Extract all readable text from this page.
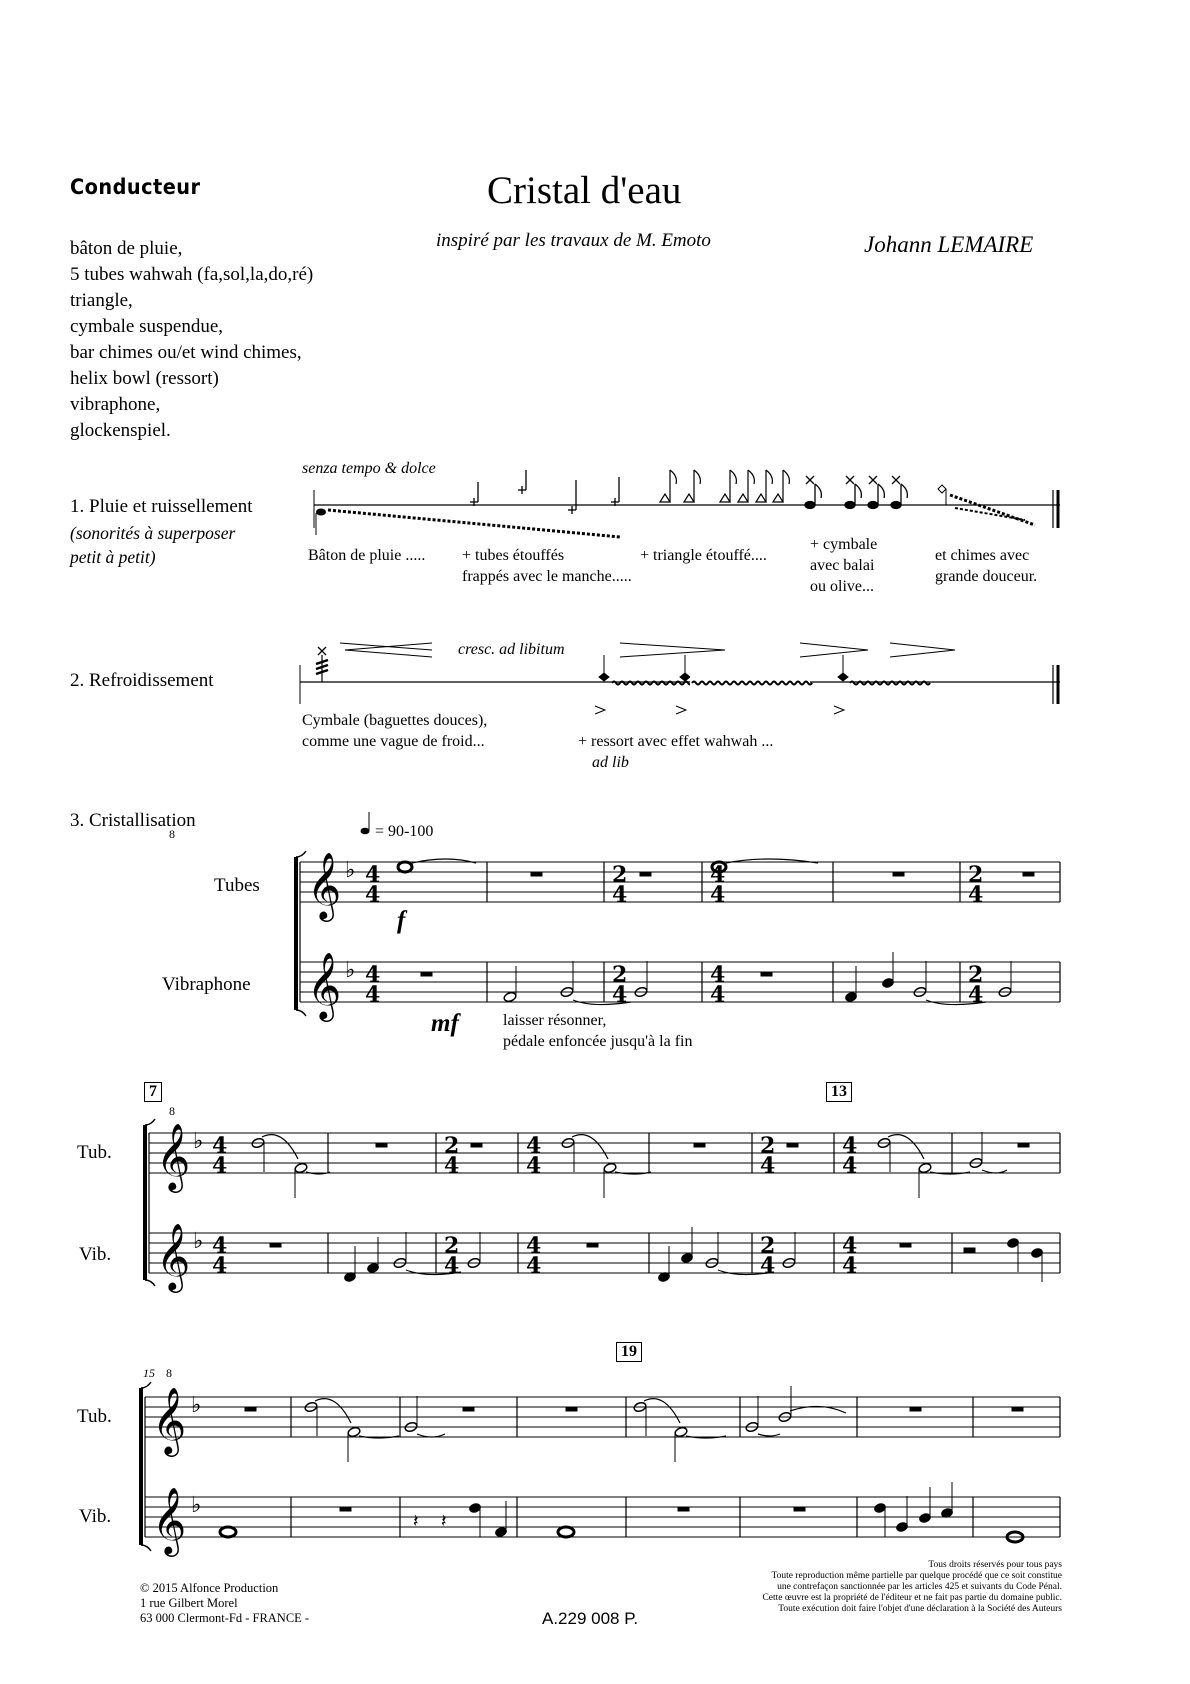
Conducteur	Cristal d'eau
inspiré par les travaux de M. Emoto	Johann LEMAIRE
bâton de pluie,
5 tubes wahwah (fa,sol,la,do,ré)
triangle,
cymbale suspendue,
bar chimes ou/et wind chimes,
helix bowl (ressort)
vibraphone,
glockenspiel.
senza tempo & dolce
1. Pluie et ruissellement
(sonorités à superposer
petit à petit)	Bâton de pluie ..... + tubes étouffés
frappés avec le manche.....
+ triangle étouffé....
+ cymbale
avec balai
ou olive...
et chimes avec
grande douceur.
2. Refroidissement
cresc. ad libitum
Cymbale (baguettes douces),
comme une vague de froid...	+ ressort avec effet wahwah ...
ad lib
3. Cristallisation
= 90-100
Tubes
Vibraphone
f
mf	laisser résonner,
pédale enfoncée jusqu'à la fin
7	13
19
15
Tub.
Vib.
Tub.
Vib.
8
8
8
© 2015 Alfonce Production
1 rue Gilbert Morel
63 000 Clermont-Fd - FRANCE -	A.229 008 P.
Tous droits réservés pour tous pays
Toute reproduction même partielle par quelque procédé que ce soit constitue
une contrefaçon sanctionnée par les articles 425 et suivants du Code Pénal.
Cette œuvre est la propriété de l'éditeur et ne fait pas partie du domaine public.
Toute exécution doit faire l'objet d'une déclaration à la Société des Auteurs
𝄞
𝄞
𝄞
𝄞
𝄞
𝄞
♭
♭
♭
♭
♭
♭
4
4
4
4
2
4
2
4
4
4
4
4
2
4
2
4
4
4
4
4
2
4
2
4
4
4
4
4
2
4
2
4
4
4
4
4
𝄽 𝄽
